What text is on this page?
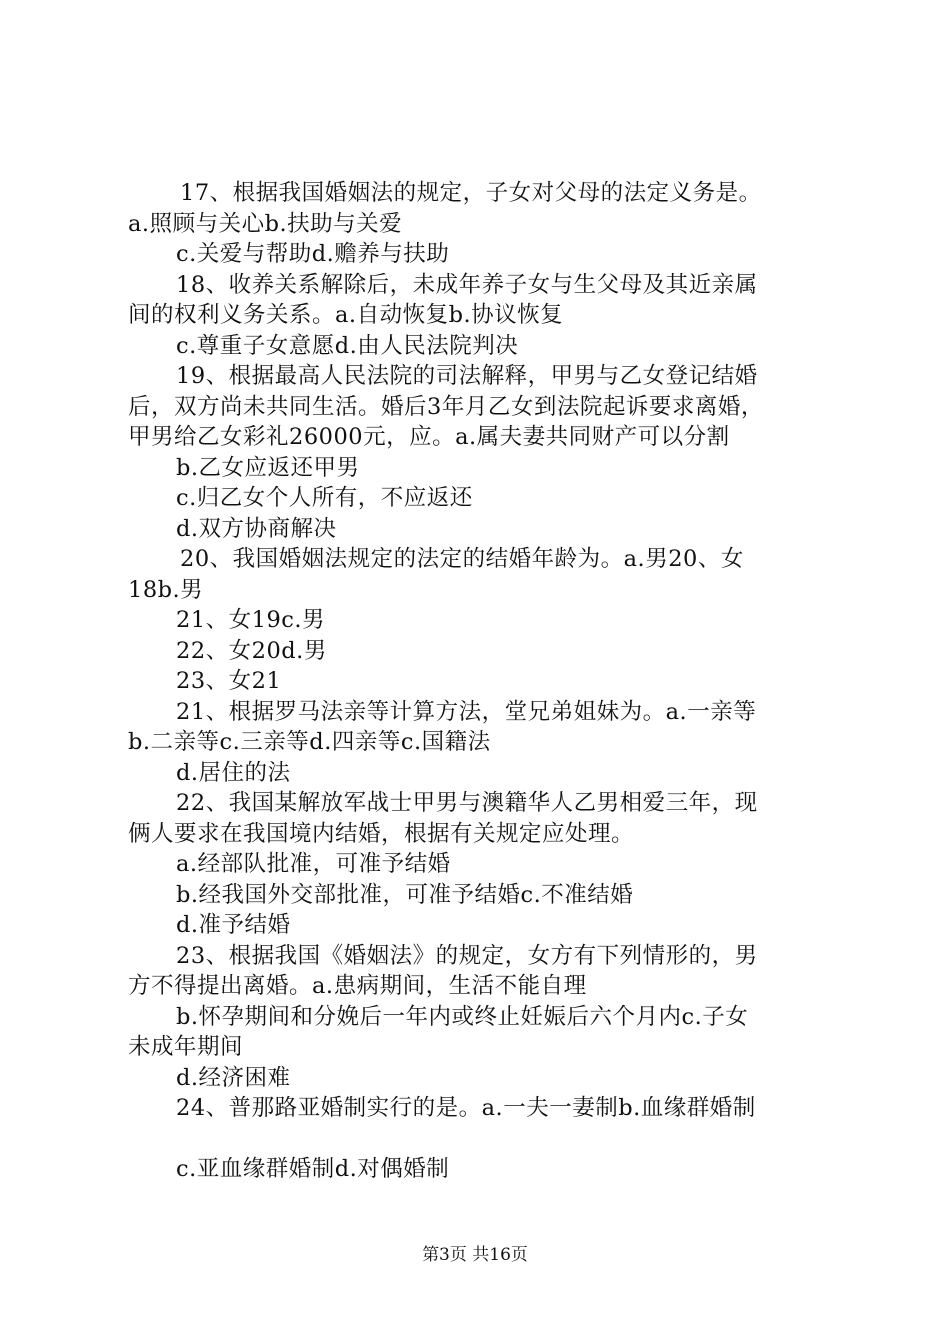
17、根据我国婚姻法的规定，子女对父母的法定义务是。
a.照顾与关心b.扶助与关爱
c.关爱与帮助d.赡养与扶助
18、收养关系解除后，未成年养子女与生父母及其近亲属
间的权利义务关系。a.自动恢复b.协议恢复
c.尊重子女意愿d.由人民法院判决
19、根据最高人民法院的司法解释，甲男与乙女登记结婚
后，双方尚未共同生活。婚后3年月乙女到法院起诉要求离婚，
甲男给乙女彩礼26000元，应。a.属夫妻共同财产可以分割
b.乙女应返还甲男
c.归乙女个人所有，不应返还
d.双方协商解决
20、我国婚姻法规定的法定的结婚年龄为。a.男20、女
18b.男
21、女19c.男
22、女20d.男
23、女21
21、根据罗马法亲等计算方法，堂兄弟姐妹为。a.一亲等
b.二亲等c.三亲等d.四亲等c.国籍法
d.居住的法
22、我国某解放军战士甲男与澳籍华人乙男相爱三年，现
俩人要求在我国境内结婚，根据有关规定应处理。
a.经部队批准，可准予结婚
b.经我国外交部批准，可准予结婚c.不准结婚
d.准予结婚
23、根据我国《婚姻法》的规定，女方有下列情形的，男
方不得提出离婚。a.患病期间，生活不能自理
b.怀孕期间和分娩后一年内或终止妊娠后六个月内c.子女
未成年期间
d.经济困难
24、普那路亚婚制实行的是。a.一夫一妻制b.血缘群婚制
c.亚血缘群婚制d.对偶婚制
第3页 共16页
